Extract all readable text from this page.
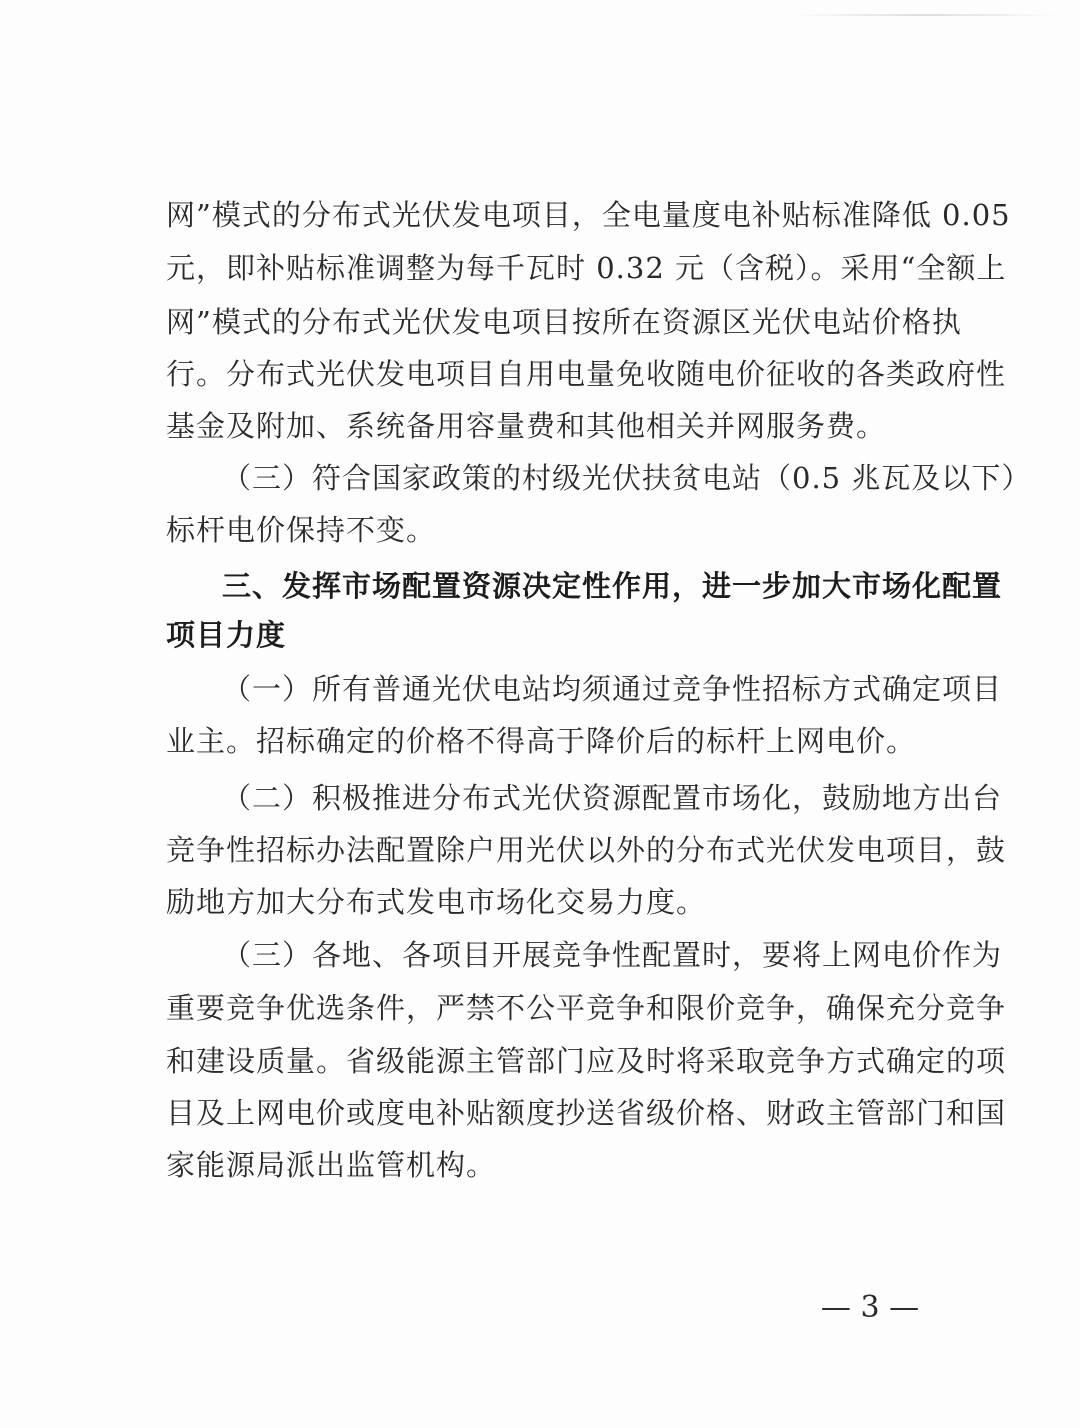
网”模式的分布式光伏发电项目，全电量度电补贴标准降低 0.05
元，即补贴标准调整为每千瓦时 0.32 元（含税）。采用“全额上
网”模式的分布式光伏发电项目按所在资源区光伏电站价格执
行。分布式光伏发电项目自用电量免收随电价征收的各类政府性
基金及附加、系统备用容量费和其他相关并网服务费。
（三）符合国家政策的村级光伏扶贫电站（0.5 兆瓦及以下）
标杆电价保持不变。
三、发挥市场配置资源决定性作用，进一步加大市场化配置
项目力度
（一）所有普通光伏电站均须通过竞争性招标方式确定项目
业主。招标确定的价格不得高于降价后的标杆上网电价。
（二）积极推进分布式光伏资源配置市场化，鼓励地方出台
竞争性招标办法配置除户用光伏以外的分布式光伏发电项目，鼓
励地方加大分布式发电市场化交易力度。
（三）各地、各项目开展竞争性配置时，要将上网电价作为
重要竞争优选条件，严禁不公平竞争和限价竞争，确保充分竞争
和建设质量。省级能源主管部门应及时将采取竞争方式确定的项
目及上网电价或度电补贴额度抄送省级价格、财政主管部门和国
家能源局派出监管机构。
— 3 —
